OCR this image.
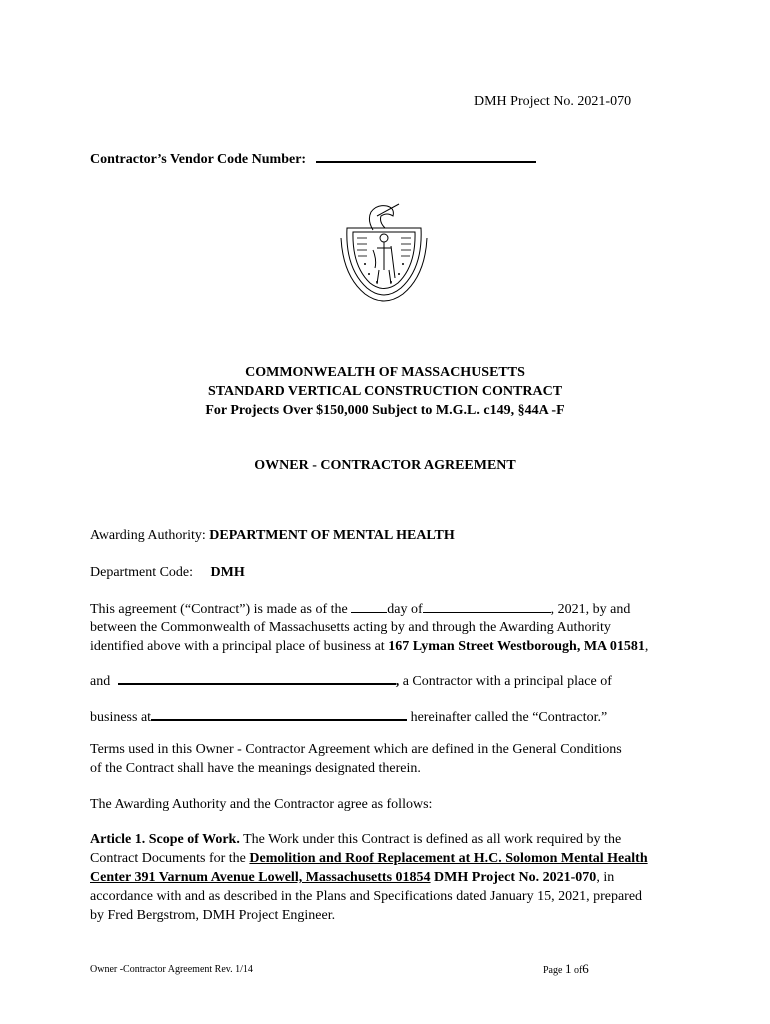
DMH Project No. 2021-070
Contractor’s Vendor Code Number:
COMMONWEALTH OF MASSACHUSETTS
STANDARD VERTICAL CONSTRUCTION CONTRACT
For Projects Over $150,000 Subject to M.G.L. c149, §44A -F
OWNER - CONTRACTOR AGREEMENT
Awarding Authority: DEPARTMENT OF MENTAL HEALTH
Department Code: DMH
This agreement (“Contract”) is made as of the	day of	, 2021, by and
between the Commonwealth of Massachusetts acting by and through the Awarding Authority
identified above with a principal place of business at 167 Lyman Street Westborough, MA 01581,
and	, a Contractor with a principal place of
business at	hereinafter called the “Contractor.”
Terms used in this Owner - Contractor Agreement which are defined in the General Conditions
of the Contract shall have the meanings designated therein.
The Awarding Authority and the Contractor agree as follows:
Article 1. Scope of Work. The Work under this Contract is defined as all work required by the
Contract Documents for the Demolition and Roof Replacement at H.C. Solomon Mental Health
Center 391 Varnum Avenue Lowell, Massachusetts 01854 DMH Project No. 2021-070, in
accordance with and as described in the Plans and Specifications dated January 15, 2021, prepared
by Fred Bergstrom, DMH Project Engineer.
Owner -Contractor Agreement Rev. 1/14	Page 1 of6
